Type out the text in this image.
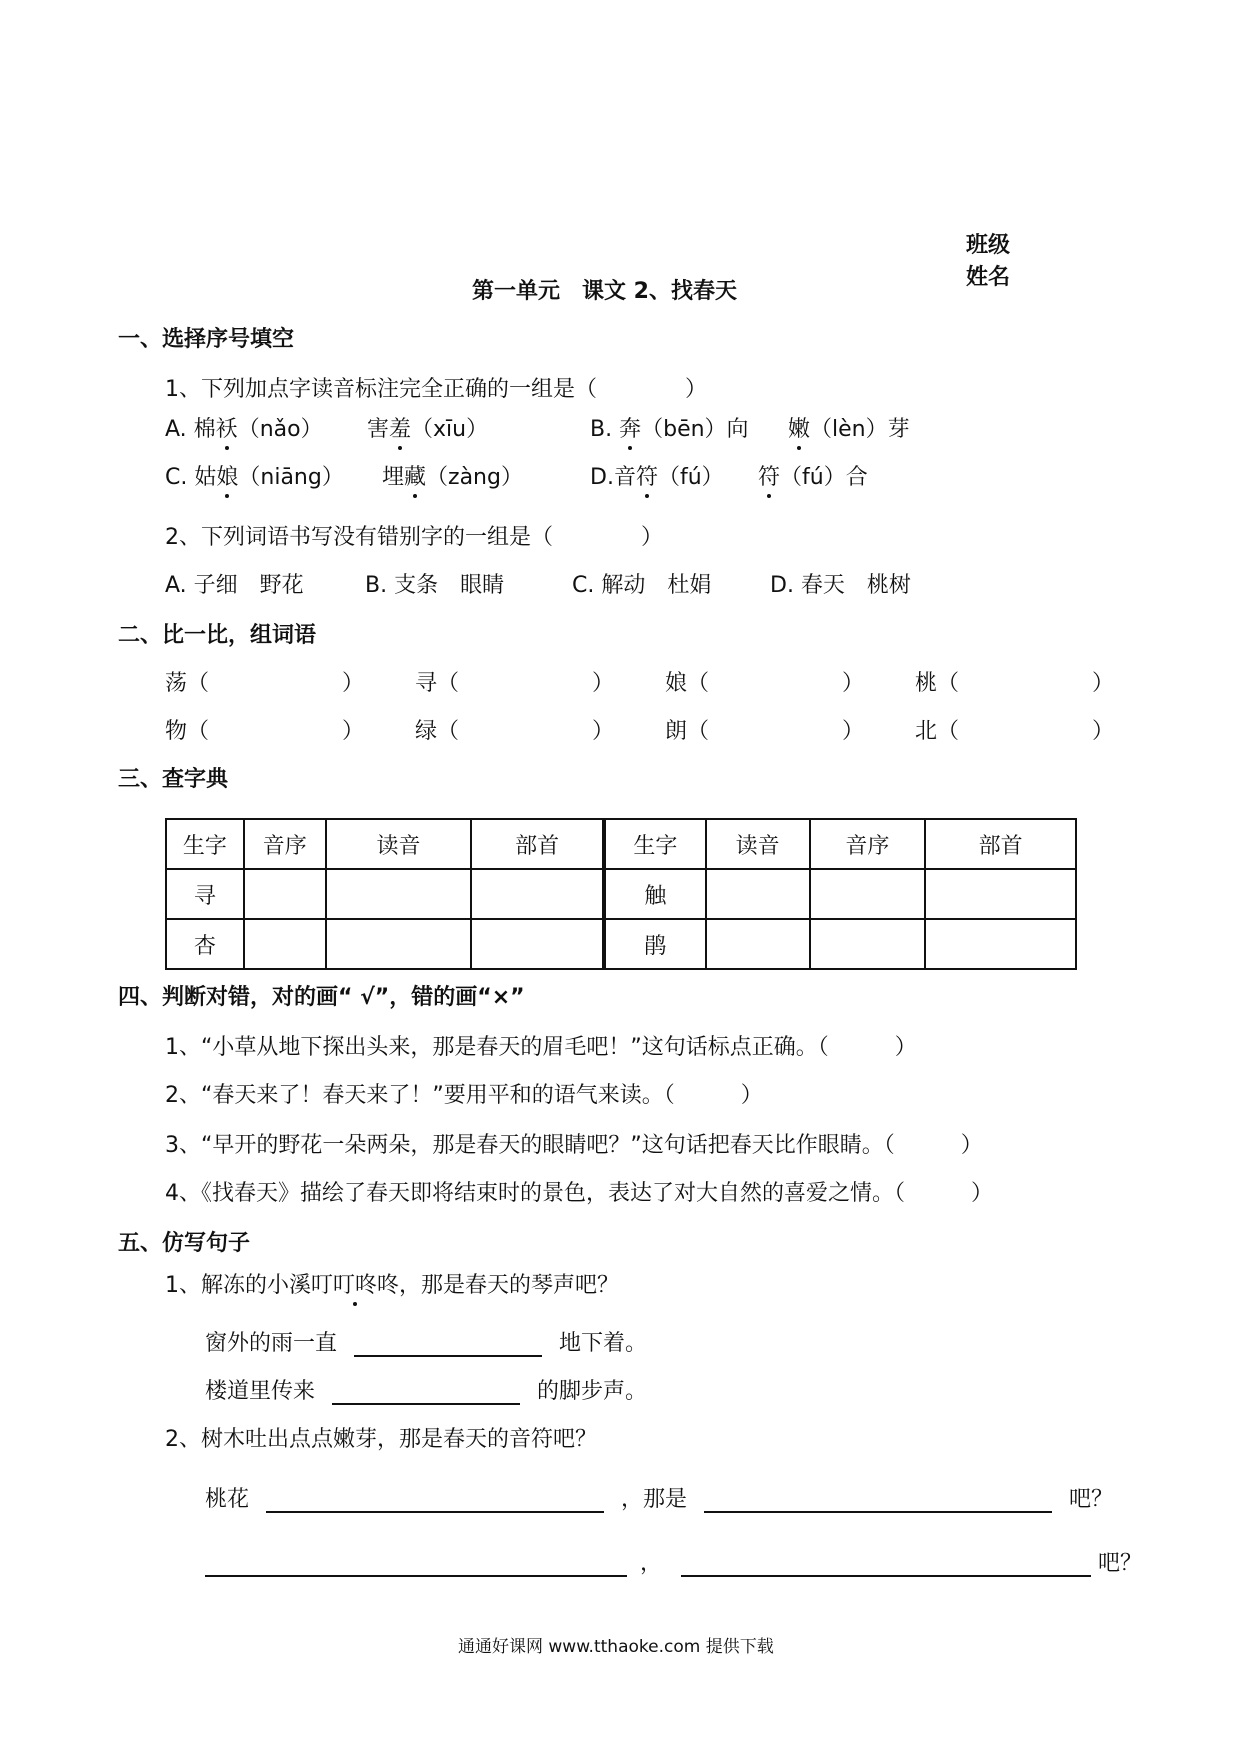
班级
姓名
第一单元　课文 2、找春天
一、选择序号填空
1、下列加点字读音标注完全正确的一组是（　　　　）
A. 棉袄（nǎo） 害羞（xīu）	B. 奔（bēn）向 嫩（lèn）芽
C. 姑娘（niāng） 埋藏（zàng）	D.音符（fú） 符（fú）合
2、下列词语书写没有错别字的一组是（　　　　）
A. 子细　野花	B. 支条　眼睛	C. 解动　杜娟	D. 春天　桃树
二、比一比，组词语
荡（	） 寻（	） 娘（	） 桃（	）
物（	） 绿（	） 朗（	） 北（	）
三、查字典
生字	音序	读音	部首	生字	读音	音序	部首
寻				触			
杏				鹃			
四、判断对错，对的画“ √”，错的画“×”
1、“小草从地下探出头来，那是春天的眉毛吧！”这句话标点正确。（　　　）
2、“春天来了！春天来了！”要用平和的语气来读。（　　　）
3、“早开的野花一朵两朵，那是春天的眼睛吧？”这句话把春天比作眼睛。（　　　）
4、《找春天》描绘了春天即将结束时的景色，表达了对大自然的喜爱之情。（　　　）
五、仿写句子
1、解冻的小溪叮叮咚咚，那是春天的琴声吧？
窗外的雨一直	地下着。
楼道里传来	的脚步声。
2、树木吐出点点嫩芽，那是春天的音符吧？
桃花	，那是	吧？
，	吧？
通通好课网 www.tthaoke.com 提供下载
